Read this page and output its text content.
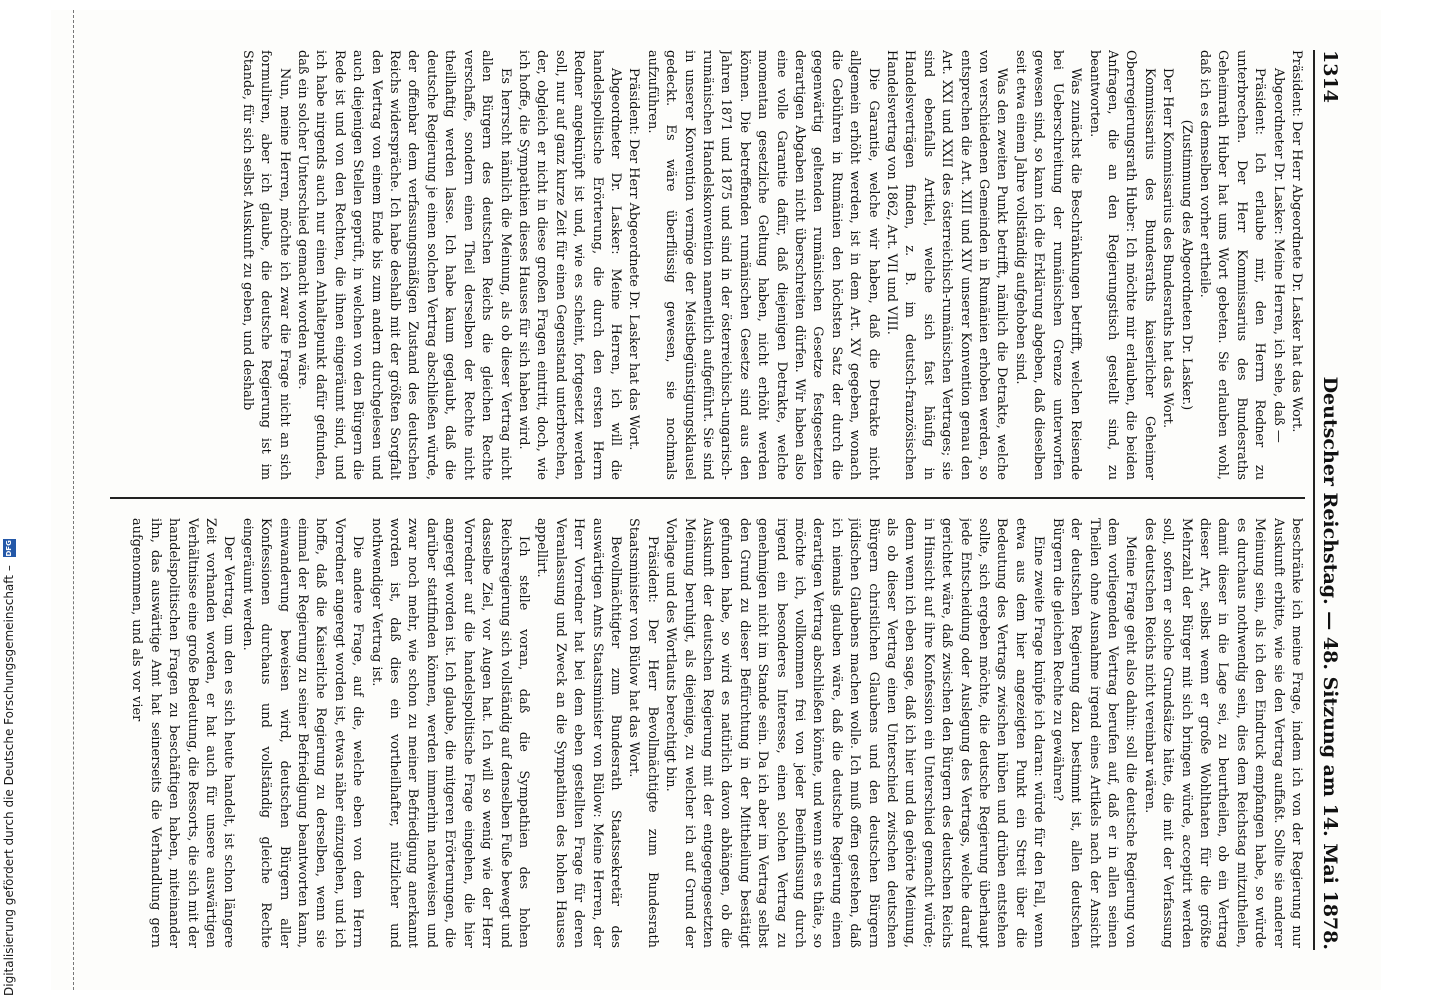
1314
Deutscher Reichstag. — 48. Sitzung am 14. Mai 1878.

Präsident: Der Herr Abgeordnete Dr. Lasker hat das Wort.

Abgeordneter Dr. Lasker: Meine Herren, ich sehe, daß —

Präsident: Ich erlaube mir, den Herrn Redner zu unterbrechen. Der Herr Kommissarius des Bundesraths Geheimrath Huber hat ums Wort gebeten. Sie erlauben wohl, daß ich es demselben vorher ertheile.

(Zustimmung des Abgeordneten Dr. Lasker.)

Der Herr Kommissarius des Bundesraths hat das Wort.

Kommissarius des Bundesraths kaiserlicher Geheimer Oberregierungsrath Huber: Ich möchte mir erlauben, die beiden Anfragen, die an den Regierungstisch gestellt sind, zu beantworten.

Was zunächst die Beschränkungen betrifft, welchen Reisende bei Ueberschreitung der rumänischen Grenze unterworfen gewesen sind, so kann ich die Erklärung abgeben, daß dieselben seit etwa einem Jahre vollständig aufgehoben sind.

Was den zweiten Punkt betrifft, nämlich die Detrakte, welche von verschiedenen Gemeinden in Rumänien erhoben werden, so entsprechen die Art. XIII und XIV unserer Konvention genau den Art. XXI und XXII des österreichisch-rumänischen Vertrages; sie sind ebenfalls Artikel, welche sich fast häufig in Handelsverträgen finden, z. B. im deutsch-französischen Handelsvertrag von 1862, Art. VII und VIII.

Die Garantie, welche wir haben, daß die Detrakte nicht allgemein erhöht werden, ist in dem Art. XV gegeben, wonach die Gebühren in Rumänien den höchsten Satz der durch die gegenwärtig geltenden rumänischen Gesetze festgesetzten derartigen Abgaben nicht überschreiten dürfen. Wir haben also eine volle Garantie dafür, daß diejenigen Detrakte, welche momentan gesetzliche Geltung haben, nicht erhöht werden können. Die betreffenden rumänischen Gesetze sind aus den Jahren 1871 und 1875 und sind in der österreichisch-ungarisch-rumänischen Handelskonvention namentlich aufgeführt. Sie sind in unserer Konvention vermöge der Meistbegünstigungsklausel gedeckt. Es wäre überflüssig gewesen, sie nochmals aufzuführen.

Präsident: Der Herr Abgeordnete Dr. Lasker hat das Wort.

Abgeordneter Dr. Lasker: Meine Herren, ich will die handelspolitische Erörterung, die durch den ersten Herrn Redner angeknüpft ist und, wie es scheint, fortgesetzt werden soll, nur auf ganz kurze Zeit für einen Gegenstand unterbrechen, der, obgleich er nicht in diese großen Fragen eintritt, doch, wie ich hoffe, die Sympathien dieses Hauses für sich haben wird.

Es herrscht nämlich die Meinung, als ob dieser Vertrag nicht allen Bürgern des deutschen Reichs die gleichen Rechte verschaffe, sondern einen Theil derselben der Rechte nicht theilhaftig werden lasse. Ich habe kaum geglaubt, daß die deutsche Regierung je einen solchen Vertrag abschließen würde, der offenbar dem verfassungsmäßigen Zustand des deutschen Reichs widerspräche. Ich habe deshalb mit der größten Sorgfalt den Vertrag von einem Ende bis zum andern durchgelesen und auch diejenigen Stellen geprüft, in welchen von den Bürgern die Rede ist und von den Rechten, die ihnen eingeräumt sind, und ich habe nirgends auch nur einen Anhaltepunkt dafür gefunden, daß ein solcher Unterschied gemacht worden wäre.

Nun, meine Herren, möchte ich zwar die Frage nicht an sich formuliren, aber ich glaube, die deutsche Regierung ist im Stande, für sich selbst Auskunft zu geben, und deshalb

beschränke ich meine Frage, indem ich von der Regierung nur Auskunft erbitte, wie sie den Vertrag auffaßt. Sollte sie anderer Meinung sein, als ich den Eindruck empfangen habe, so würde es durchaus nothwendig sein, dies dem Reichstag mitzutheilen, damit dieser in die Lage sei, zu beurtheilen, ob ein Vertrag dieser Art, selbst wenn er große Wohlthaten für die größte Mehrzahl der Bürger mit sich bringen würde, acceptirt werden soll, sofern er solche Grundsätze hätte, die mit der Verfassung des deutschen Reichs nicht vereinbar wären.

Meine Frage geht also dahin: soll die deutsche Regierung von dem vorliegenden Vertrag berufen auf, daß er in allen seinen Theilen ohne Ausnahme irgend eines Artikels nach der Ansicht der deutschen Regierung dazu bestimmt ist, allen deutschen Bürgern die gleichen Rechte zu gewähren?

Eine zweite Frage knüpfe ich daran: würde für den Fall, wenn etwa aus dem hier angezeigten Punkt ein Streit über die Bedeutung des Vertrags zwischen hüben und drüben entstehen sollte, sich ergeben möchte, die deutsche Regierung überhaupt jede Entscheidung oder Auslegung des Vertrags, welche darauf gerichtet wäre, daß zwischen den Bürgern des deutschen Reichs in Hinsicht auf ihre Konfession ein Unterschied gemacht würde; denn wenn ich eben sage, daß ich hier und da gehörte Meinung, als ob dieser Vertrag einen Unterschied zwischen deutschen Bürgern christlichen Glaubens und den deutschen Bürgern jüdischen Glaubens machen wolle. Ich muß offen gestehen, daß ich niemals glauben wäre, daß die deutsche Regierung einen derartigen Vertrag abschließen könnte, und wenn sie es thäte, so möchte ich, vollkommen frei von jeder Beeinflussung durch irgend ein besonderes Interesse, einen solchen Vertrag zu genehmigen nicht im Stande sein. Da ich aber im Vertrag selbst den Grund zu dieser Befürchtung in der Mittheilung bestätigt gefunden habe, so wird es natürlich davon abhängen, ob die Auskunft der deutschen Regierung mit der entgegengesetzten Meinung beruhigt, als diejenige, zu welcher ich auf Grund der Vorlage und des Wortlauts berechtigt bin.

Präsident: Der Herr Bevollmächtigte zum Bundesrath Staatsminister von Bülow hat das Wort.

Bevollmächtigter zum Bundesrath Staatssekretär des auswärtigen Amts Staatsminister von Bülow: Meine Herren, der Herr Vorredner hat bei dem eben gestellten Frage für deren Veranlassung und Zweck an die Sympathien des hohen Hauses appellirt.

Ich stelle voran, daß die Sympathien des hohen Reichsregierung sich vollständig auf denselben Fuße bewegt und dasselbe Ziel, vor Augen hat. Ich will so wenig wie der Herr Vorredner auf die handelspolitische Frage eingehen, die hier angeregt worden ist. Ich glaube, die mitgeren Erörterungen, die darüber stattfinden können, werden immerhin nachweisen und zwar noch mehr, wie schon zu meiner Befriedigung anerkannt worden ist, daß dies ein vortheilhafter, nützlicher und nothwendiger Vertrag ist.

Die andere Frage, auf die, welche eben von dem Herrn Vorredner angeregt worden ist, etwas näher einzugehen, und ich hoffe, daß die Kaiserliche Regierung zu derselben, wenn sie einmal der Regierung zu seiner Befriedigung beantworten kann, einwanderung beweisen wird, deutschen Bürgern aller Konfessionen durchaus und vollständig gleiche Rechte eingeräumt werden.

Der Vertrag, um den es sich heute handelt, ist schon längere Zeit vorhanden worden, er hat auch für unsere auswärtigen Verhältnisse eine große Bedeutung, die Ressorts, die sich mit der handelspolitischen Fragen zu beschäftigen haben, miteinander ihn, das auswärtige Amt hat seinerseits die Verhandlung gern aufgenommen, und als vor vier

Digitalisierung gefördert durch die Deutsche Forschungsgemeinschaft – DFG
